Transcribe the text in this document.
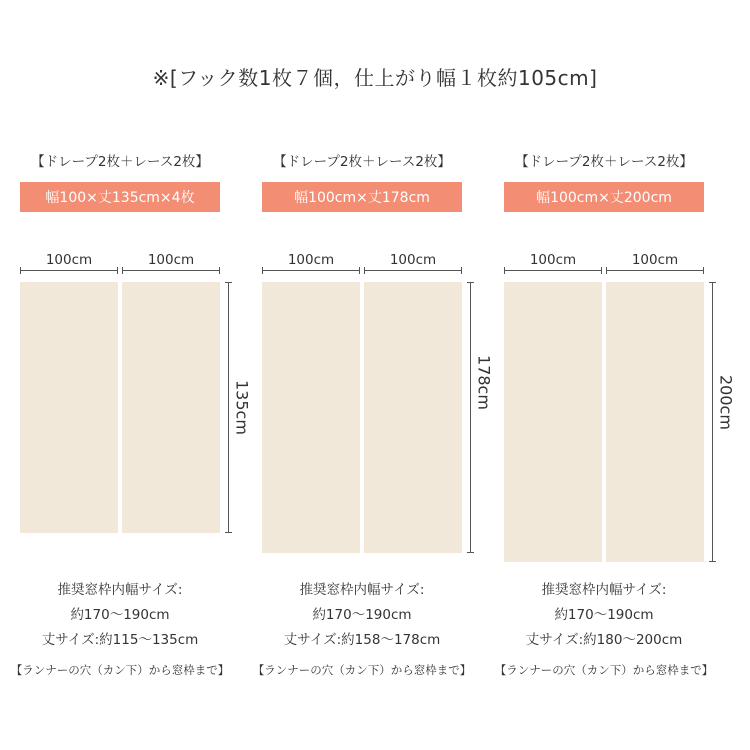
※[フック数1枚７個，仕上がり幅１枚約105cm]
【ドレープ2枚＋レース2枚】
幅100×丈135cm×4枚
100cm	100cm
135cm
推奨窓枠内幅サイズ:
約170～190cm
丈サイズ:約115～135cm
【ランナーの穴（カン下）から窓枠まで】
【ドレープ2枚＋レース2枚】
幅100cm×丈178cm
100cm	100cm
178cm
推奨窓枠内幅サイズ:
約170～190cm
丈サイズ:約158～178cm
【ランナーの穴（カン下）から窓枠まで】
【ドレープ2枚＋レース2枚】
幅100cm×丈200cm
100cm	100cm
200cm
推奨窓枠内幅サイズ:
約170～190cm
丈サイズ:約180～200cm
【ランナーの穴（カン下）から窓枠まで】
